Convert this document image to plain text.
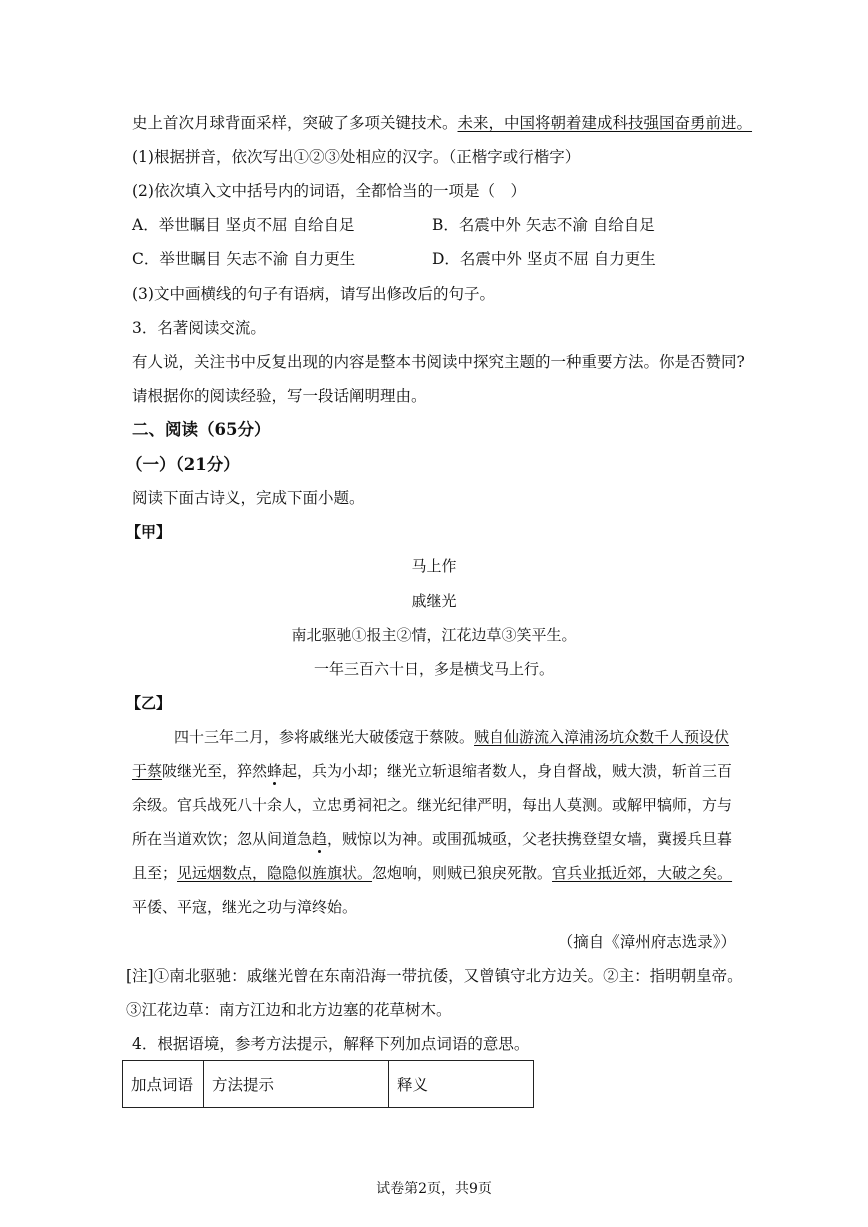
史上首次月球背面采样，突破了多项关键技术。未来，中国将朝着建成科技强国奋勇前进。
(1)根据拼音，依次写出①②③处相应的汉字。（正楷字或行楷字）
(2)依次填入文中括号内的词语，全都恰当的一项是（　）
A．举世瞩目 坚贞不屈 自给自足	B．名震中外 矢志不渝 自给自足
C．举世瞩目 矢志不渝 自力更生	D．名震中外 坚贞不屈 自力更生
(3)文中画横线的句子有语病，请写出修改后的句子。
3．名著阅读交流。
有人说，关注书中反复出现的内容是整本书阅读中探究主题的一种重要方法。你是否赞同?
请根据你的阅读经验，写一段话阐明理由。
二、阅读（65分）
（一）（21分）
阅读下面古诗义，完成下面小题。
【甲】
马上作
戚继光
南北驱驰①报主②情，江花边草③笑平生。
一年三百六十日，多是横戈马上行。
【乙】
四十三年二月，参将戚继光大破倭寇于蔡陂。贼自仙游流入漳浦汤坑众数千人预设伏
于蔡陂继光至，猝然蜂起，兵为小却；继光立斩退缩者数人，身自督战，贼大溃，斩首三百
余级。官兵战死八十余人，立忠勇祠祀之。继光纪律严明，每出人莫测。或解甲犒师，方与
所在当道欢饮；忽从间道急趋，贼惊以为神。或围孤城亟，父老扶携登望女墙，冀援兵旦暮
且至；见远烟数点，隐隐似旌旗状。忽炮响，则贼已狼戾死散。官兵业抵近郊，大破之矣。
平倭、平寇，继光之功与漳终始。
（摘自《漳州府志选录》）
[注]①南北驱驰：戚继光曾在东南沿海一带抗倭，又曾镇守北方边关。②主：指明朝皇帝。
③江花边草：南方江边和北方边塞的花草树木。
4．根据语境，参考方法提示，解释下列加点词语的意思。
加点词语	方法提示	释义
试卷第2页，共9页
